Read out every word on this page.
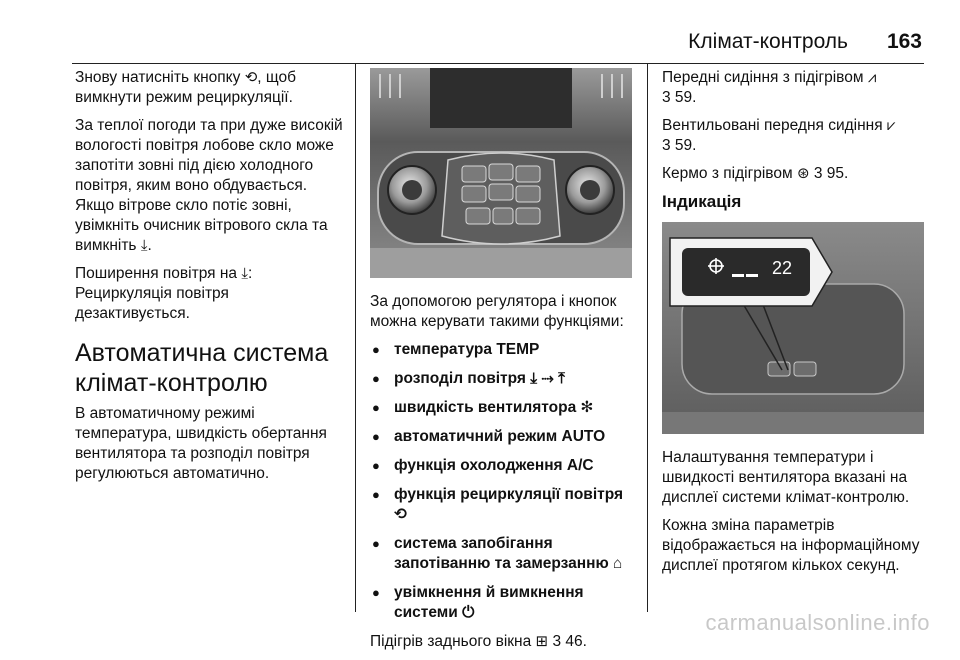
Клімат-контроль 163

Знову натисніть кнопку ⟲, щоб вимкнути режим рециркуляції.

За теплої погоди та при дуже високій вологості повітря лобове скло може запотіти зовні під дією холодного повітря, яким воно обдувається. Якщо вітрове скло потіє зовні, увімкніть очисник вітрового скла та вимкніть ⤓.

Поширення повітря на ⤓: Рециркуляція повітря дезактивується.

Автоматична система клімат-контролю

В автоматичному режимі температура, швидкість обертання вентилятора та розподіл повітря регулюються автоматично.

За допомогою регулятора і кнопок можна керувати такими функціями:

● температура TEMP
● розподіл повітря ⤓ ⤑ ⤒
● швидкість вентилятора ✻
● автоматичний режим AUTO
● функція охолодження A/C
● функція рециркуляції повітря ⟲
● система запобігання запотіванню та замерзанню ⌂
● увімкнення й вимкнення системи ⏻

Підігрів заднього вікна ⊞ 3 46.

Передні сидіння з підігрівом ⩘
3 59.

Вентильовані передня сидіння ⩗
3 59.

Кермо з підігрівом ⊛ 3 95.

Індикація
22

Налаштування температури і швидкості вентилятора вказані на дисплеї системи клімат-контролю.

Кожна зміна параметрів відображається на інформаційному дисплеї протягом кількох секунд.

carmanualsonline.info
